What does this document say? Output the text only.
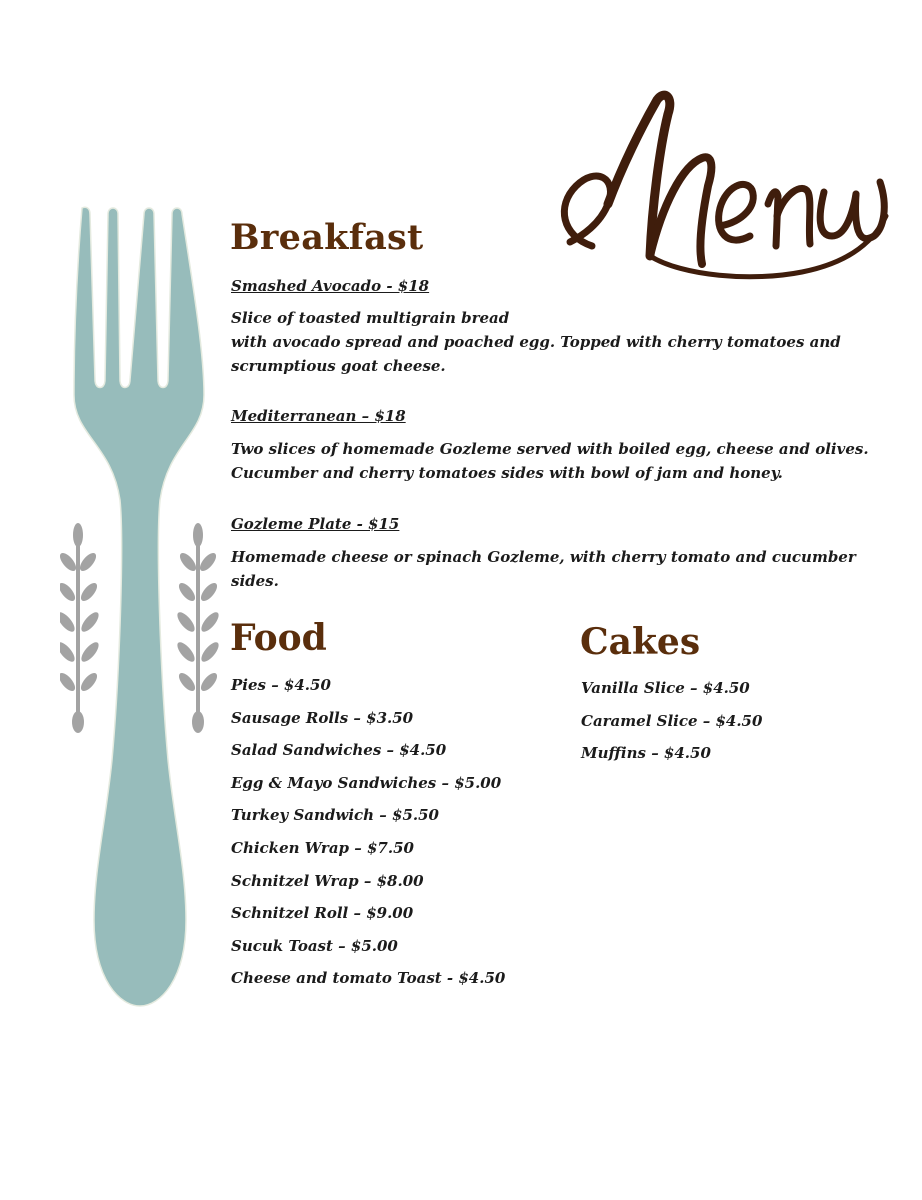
Breakfast

Smashed Avocado - $18

Slice of toasted multigrain bread
with avocado spread and poached egg. Topped with cherry tomatoes and
scrumptious goat cheese.

Mediterranean – $18

Two slices of homemade Gozleme served with boiled egg, cheese and olives.
Cucumber and cherry tomatoes sides with bowl of jam and honey.

Gozleme Plate - $15

Homemade cheese or spinach Gozleme, with cherry tomato and cucumber
sides.

Food
Pies – $4.50
Sausage Rolls – $3.50
Salad Sandwiches – $4.50
Egg & Mayo Sandwiches – $5.00
Turkey Sandwich – $5.50
Chicken Wrap – $7.50
Schnitzel Wrap – $8.00
Schnitzel Roll – $9.00
Sucuk Toast – $5.00
Cheese and tomato Toast - $4.50
Cakes
Vanilla Slice – $4.50
Caramel Slice – $4.50
Muffins – $4.50
